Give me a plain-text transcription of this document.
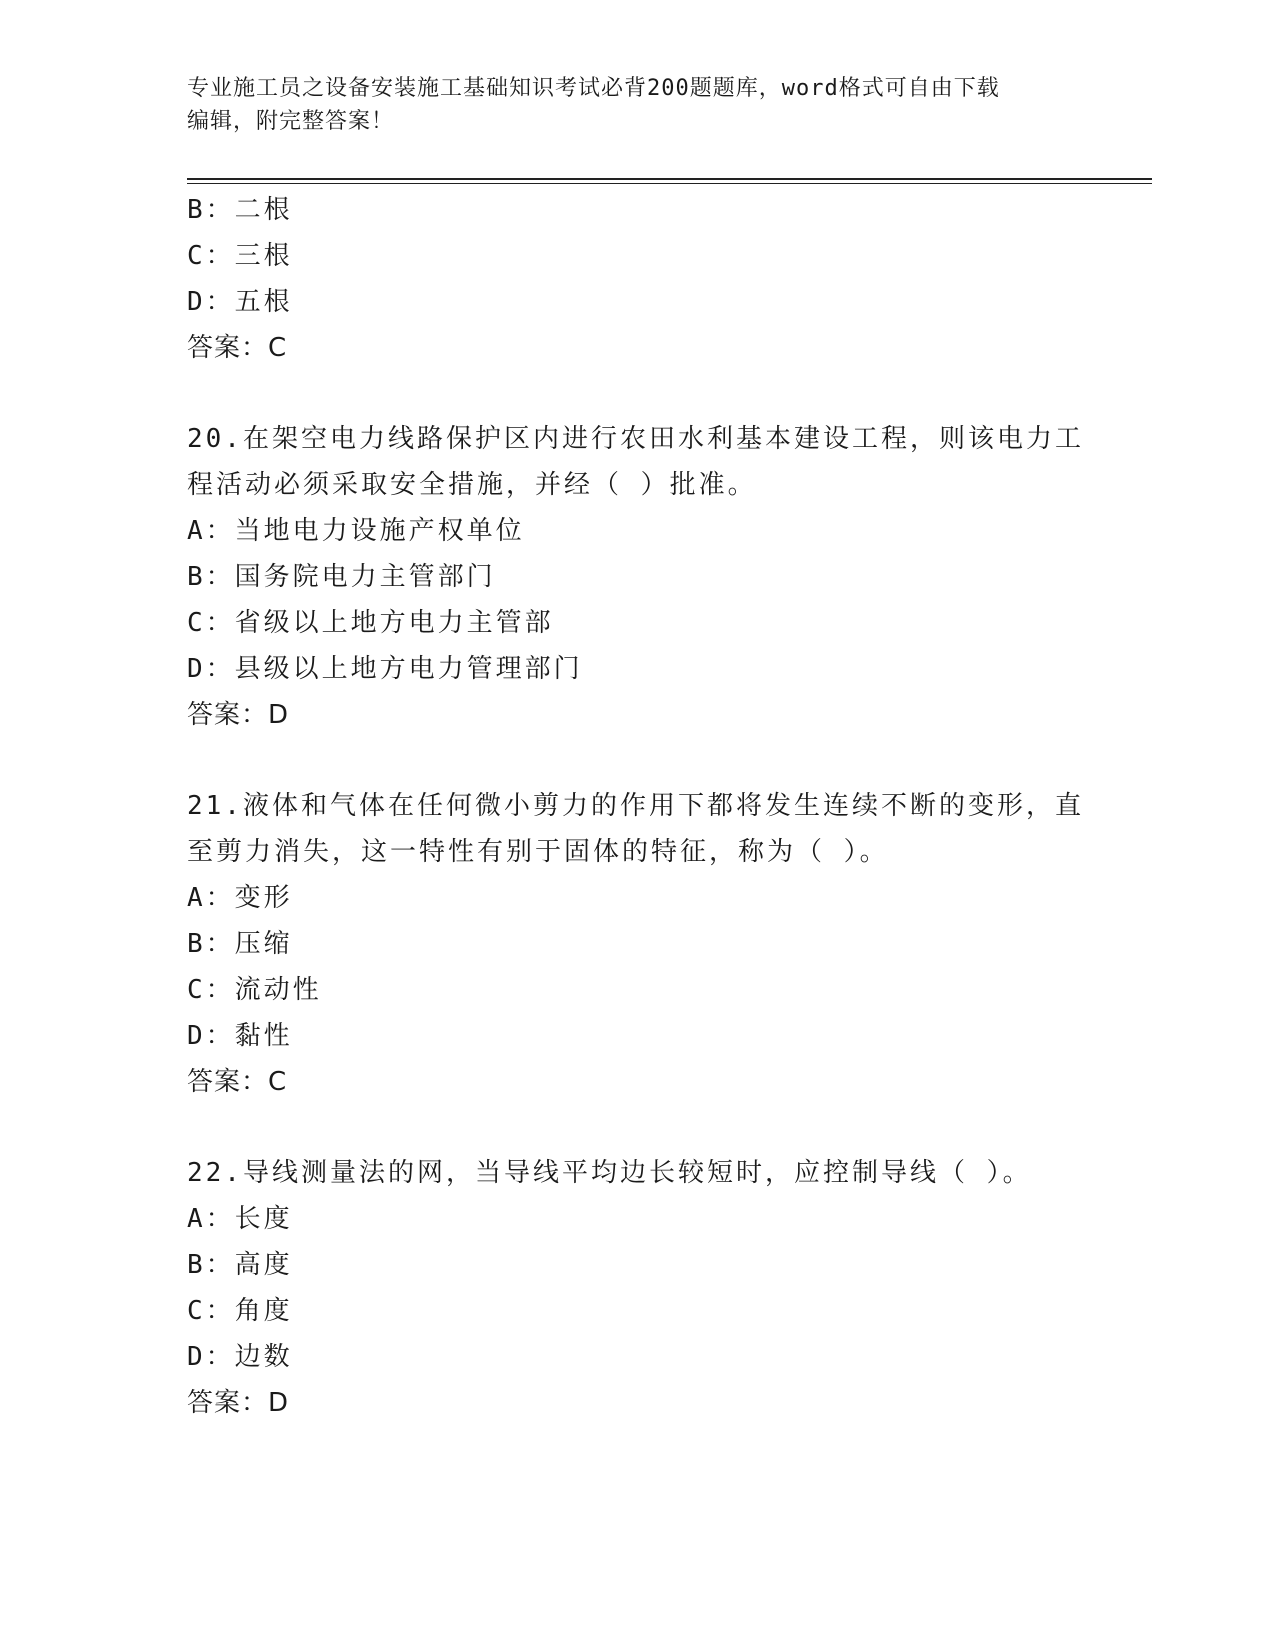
专业施工员之设备安装施工基础知识考试必背200题题库，word格式可自由下载
编辑，附完整答案！
B：二根
C：三根
D：五根
答案：C
20.在架空电力线路保护区内进行农田水利基本建设工程，则该电力工
程活动必须采取安全措施，并经（ ）批准。
A：当地电力设施产权单位
B：国务院电力主管部门
C：省级以上地方电力主管部
D：县级以上地方电力管理部门
答案：D
21.液体和气体在任何微小剪力的作用下都将发生连续不断的变形，直
至剪力消失，这一特性有别于固体的特征，称为（ ）。
A：变形
B：压缩
C：流动性
D：黏性
答案：C
22.导线测量法的网，当导线平均边长较短时，应控制导线（ ）。
A：长度
B：高度
C：角度
D：边数
答案：D
